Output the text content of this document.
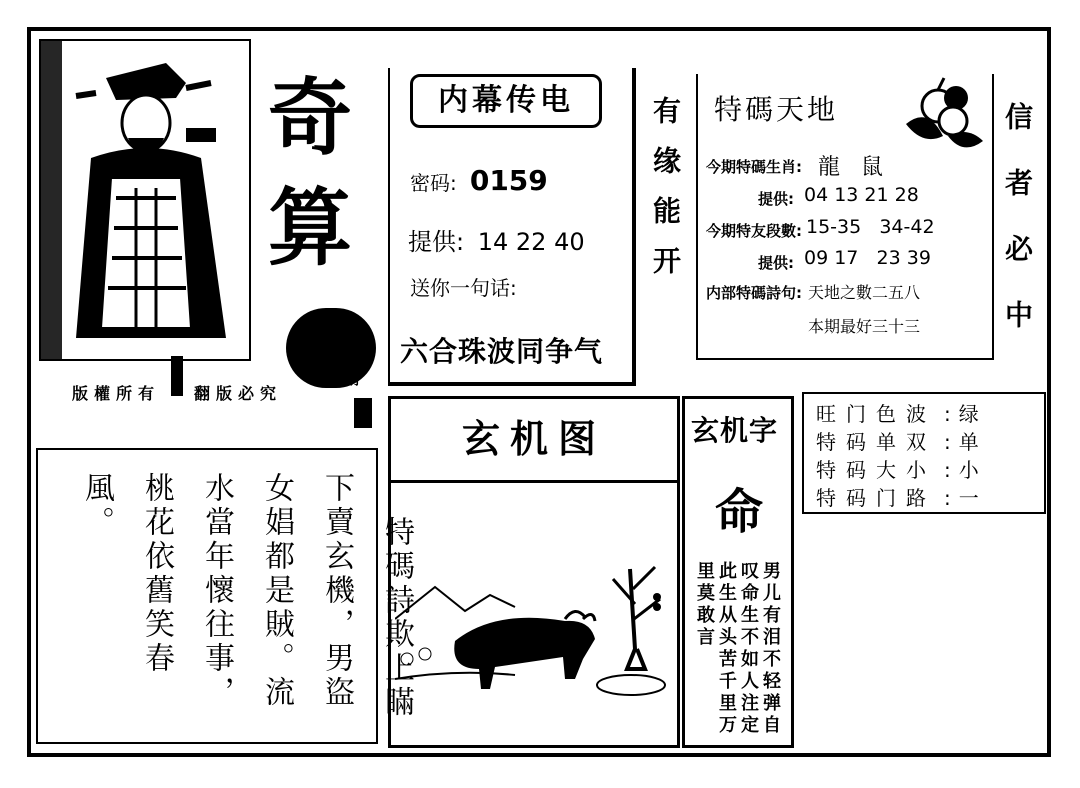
奇
算
期
版權所有 翻版必究
内幕传电
密码: 0159
提供: 14 22 40
送你一句话:
六合珠波同争气
有缘能开
特碼天地
今期特碼生肖: 龍   鼠
提供: 04 13 21 28
今期特友段數: 15-35   34-42
提供: 09 17   23 39
内部特碼詩句: 天地之數二五八
本期最好三十三
信者必中
旺门色波 : 绿
特码单双 : 单
特码大小 : 小
特码门路 : 一
玄机图	玄机字
命
男儿有泪不轻弹自叹命生不如人注定此生从头苦千里万里莫敢言
特碼詩欺上瞞下賣玄機，男盜女娼都是賊。流水當年懷往事，桃花依舊笑春風。
